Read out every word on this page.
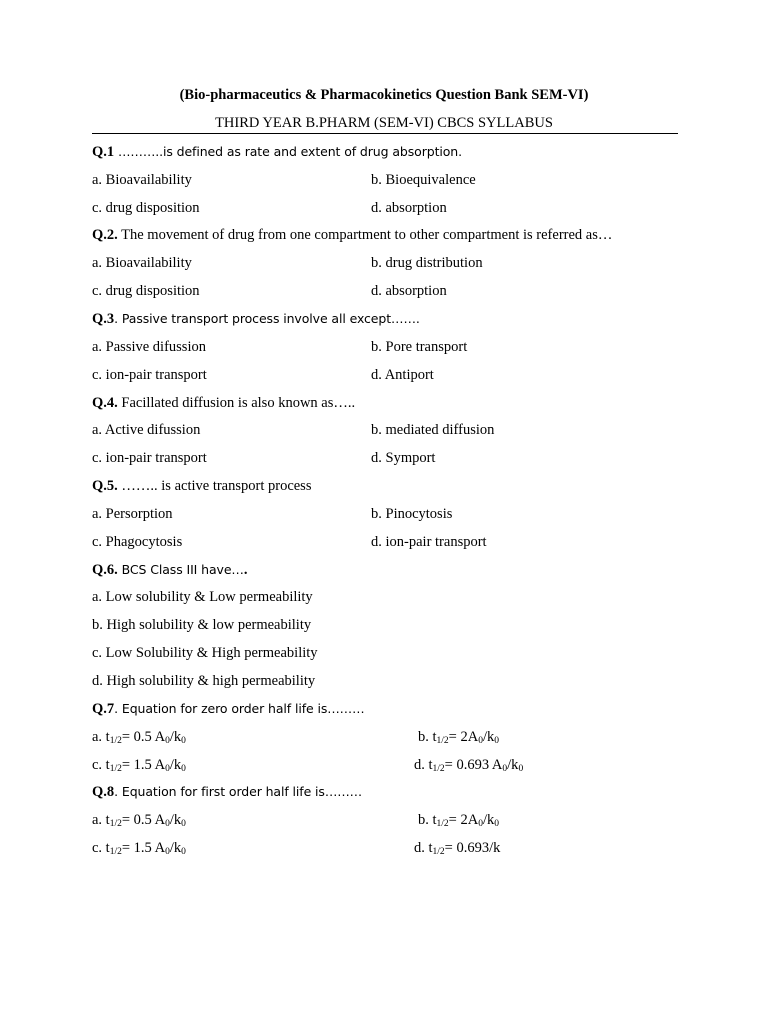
(Bio-pharmaceutics & Pharmacokinetics Question Bank SEM-VI)
THIRD YEAR B.PHARM (SEM-VI) CBCS SYLLABUS
Q.1 ………..is defined as rate and extent of drug absorption.
a. Bioavailability	b. Bioequivalence
c. drug disposition	d. absorption
Q.2. The movement of drug from one compartment to other compartment is referred as…
a. Bioavailability	b. drug distribution
c. drug disposition	d. absorption
Q.3. Passive transport process involve all except…….
a. Passive difussion	b. Pore transport
c. ion-pair transport	d. Antiport
Q.4. Facillated diffusion is also known as…..
a. Active difussion	b. mediated diffusion
c. ion-pair transport	d. Symport
Q.5. …….. is active transport process
a. Persorption	b. Pinocytosis
c. Phagocytosis	d. ion-pair transport
Q.6. BCS Class III have….
a. Low solubility & Low permeability
b. High solubility & low permeability
c. Low Solubility & High permeability
d. High solubility & high permeability
Q.7. Equation for zero order half life is………
a. $t_{1/2}= 0.5$ $A_0/k_0$	b. $t_{1/2}= 2A_0/k_0$
c. $t_{1/2}= 1.5$ $A_0/k_0$	d. $t_{1/2}= 0.693$ $A_0/k_0$
Q.8. Equation for first order half life is………
a. $t_{1/2}= 0.5$ $A_0/k_0$	b. $t_{1/2}= 2A_0/k_0$
c. $t_{1/2}= 1.5$ $A_0/k_0$	d. $t_{1/2}= 0.693/k$
